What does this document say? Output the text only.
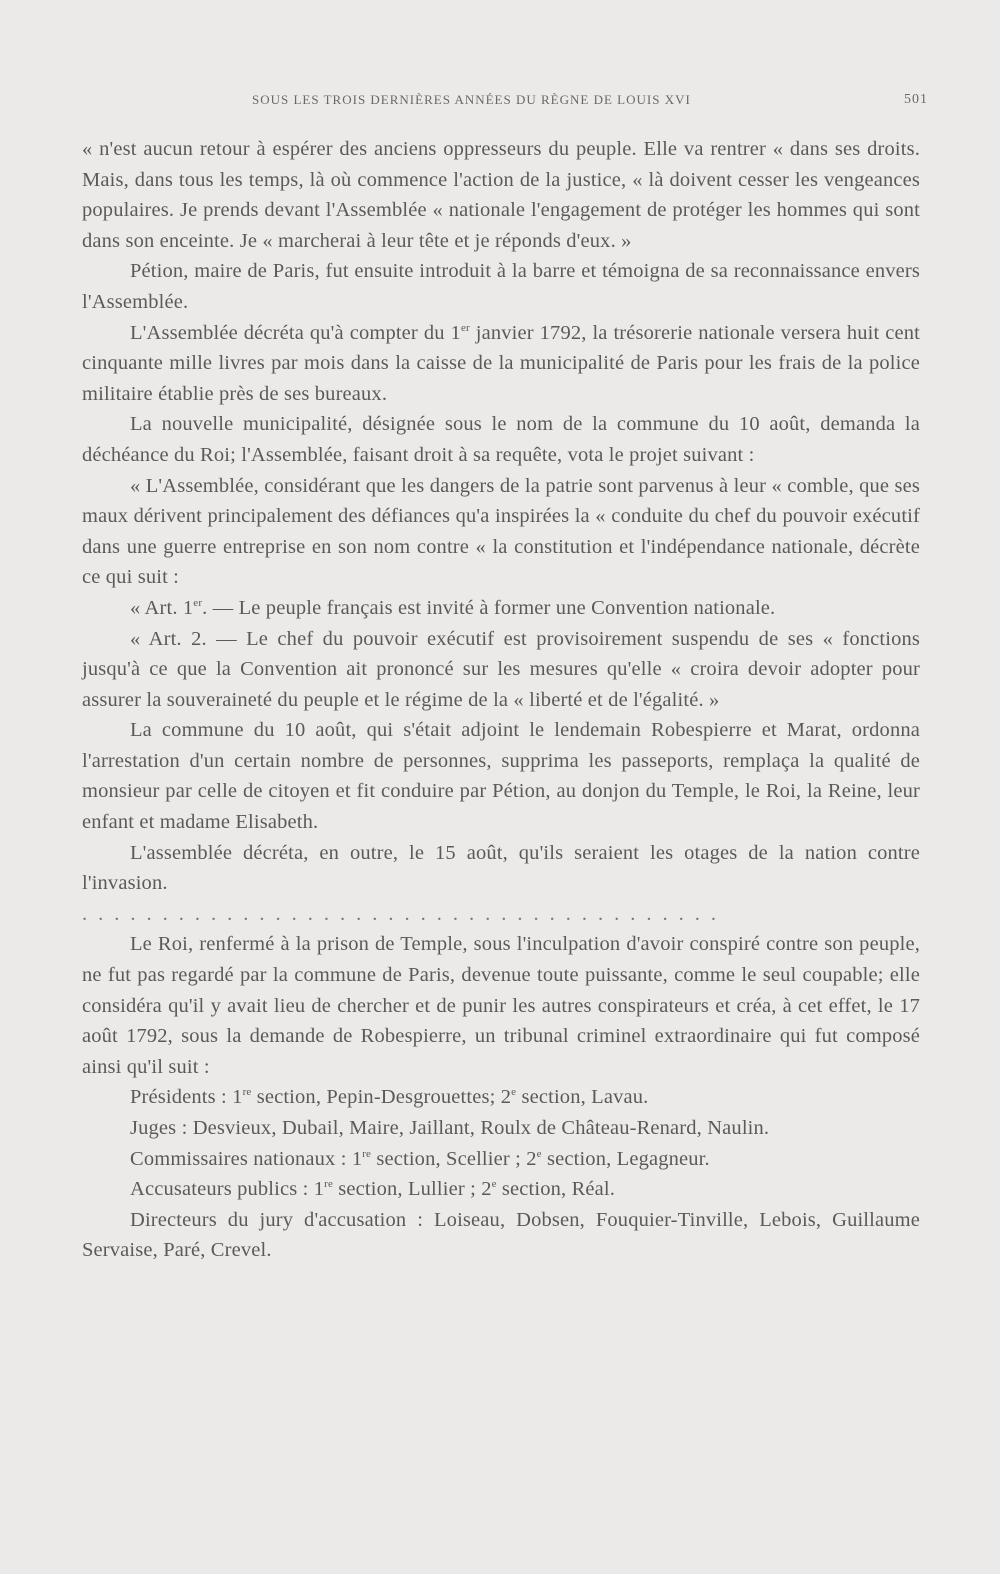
SOUS LES TROIS DERNIÈRES ANNÉES DU RÈGNE DE LOUIS XVI	501

« n'est aucun retour à espérer des anciens oppresseurs du peuple. Elle va rentrer « dans ses droits. Mais, dans tous les temps, là où commence l'action de la justice, « là doivent cesser les vengeances populaires. Je prends devant l'Assemblée « nationale l'engagement de protéger les hommes qui sont dans son enceinte. Je « marcherai à leur tête et je réponds d'eux. »

Pétion, maire de Paris, fut ensuite introduit à la barre et témoigna de sa reconnaissance envers l'Assemblée.

L'Assemblée décréta qu'à compter du 1er janvier 1792, la trésorerie nationale versera huit cent cinquante mille livres par mois dans la caisse de la municipalité de Paris pour les frais de la police militaire établie près de ses bureaux.

La nouvelle municipalité, désignée sous le nom de la commune du 10 août, demanda la déchéance du Roi; l'Assemblée, faisant droit à sa requête, vota le projet suivant :

« L'Assemblée, considérant que les dangers de la patrie sont parvenus à leur « comble, que ses maux dérivent principalement des défiances qu'a inspirées la « conduite du chef du pouvoir exécutif dans une guerre entreprise en son nom contre « la constitution et l'indépendance nationale, décrète ce qui suit :

« Art. 1er. — Le peuple français est invité à former une Convention nationale.

« Art. 2. — Le chef du pouvoir exécutif est provisoirement suspendu de ses « fonctions jusqu'à ce que la Convention ait prononcé sur les mesures qu'elle « croira devoir adopter pour assurer la souveraineté du peuple et le régime de la « liberté et de l'égalité. »

La commune du 10 août, qui s'était adjoint le lendemain Robespierre et Marat, ordonna l'arrestation d'un certain nombre de personnes, supprima les passeports, remplaça la qualité de monsieur par celle de citoyen et fit conduire par Pétion, au donjon du Temple, le Roi, la Reine, leur enfant et madame Elisabeth.

L'assemblée décréta, en outre, le 15 août, qu'ils seraient les otages de la nation contre l'invasion.

........................................

Le Roi, renfermé à la prison de Temple, sous l'inculpation d'avoir conspiré contre son peuple, ne fut pas regardé par la commune de Paris, devenue toute puissante, comme le seul coupable; elle considéra qu'il y avait lieu de chercher et de punir les autres conspirateurs et créa, à cet effet, le 17 août 1792, sous la demande de Robespierre, un tribunal criminel extraordinaire qui fut composé ainsi qu'il suit :

Présidents : 1re section, Pepin-Desgrouettes; 2e section, Lavau.

Juges : Desvieux, Dubail, Maire, Jaillant, Roulx de Château-Renard, Naulin.

Commissaires nationaux : 1re section, Scellier ; 2e section, Legagneur.

Accusateurs publics : 1re section, Lullier ; 2e section, Réal.

Directeurs du jury d'accusation : Loiseau, Dobsen, Fouquier-Tinville, Lebois, Guillaume Servaise, Paré, Crevel.
